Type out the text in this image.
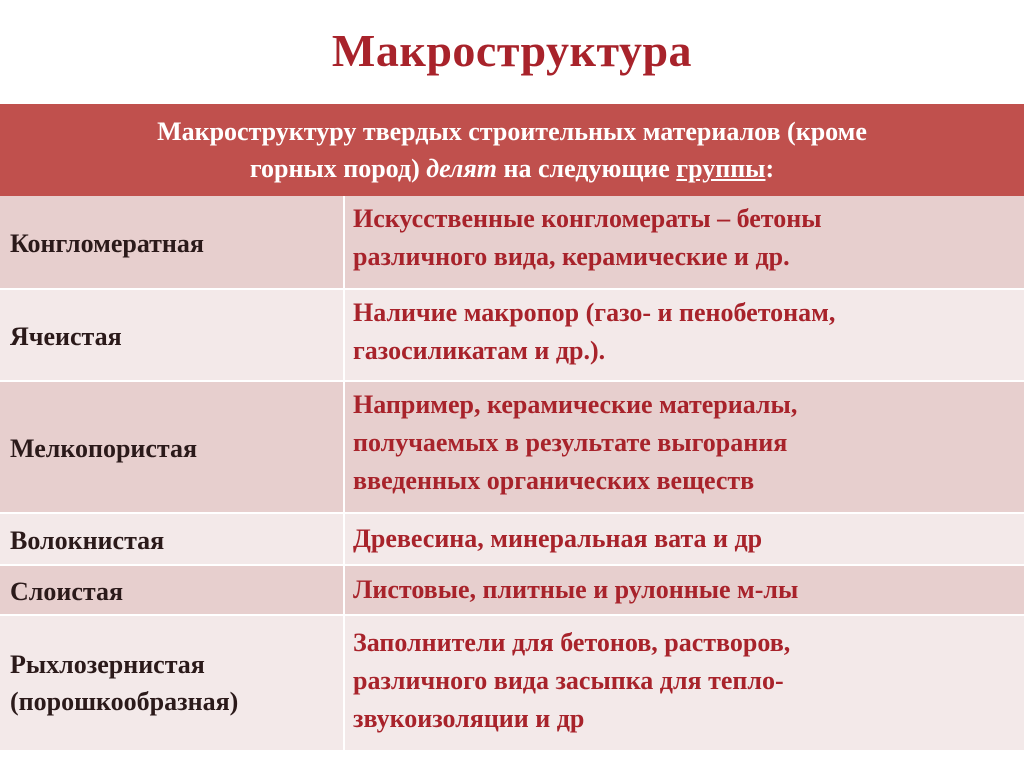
Макроструктура
Макроструктуру твердых строительных материалов (кроме
горных пород) делят на следующие группы:
Конгломератная
Искусственные конгломераты – бетоны
различного вида, керамические и др.
Ячеистая
Наличие макропор (газо- и пенобетонам,
газосиликатам и др.).
Мелкопористая
Например, керамические материалы,
получаемых в результате выгорания
введенных органических веществ
Волокнистая	Древесина, минеральная вата и др
Слоистая	Листовые, плитные и рулонные м-лы
Рыхлозернистая
(порошкообразная)
Заполнители для бетонов, растворов,
различного вида засыпка для тепло-
звукоизоляции и др
